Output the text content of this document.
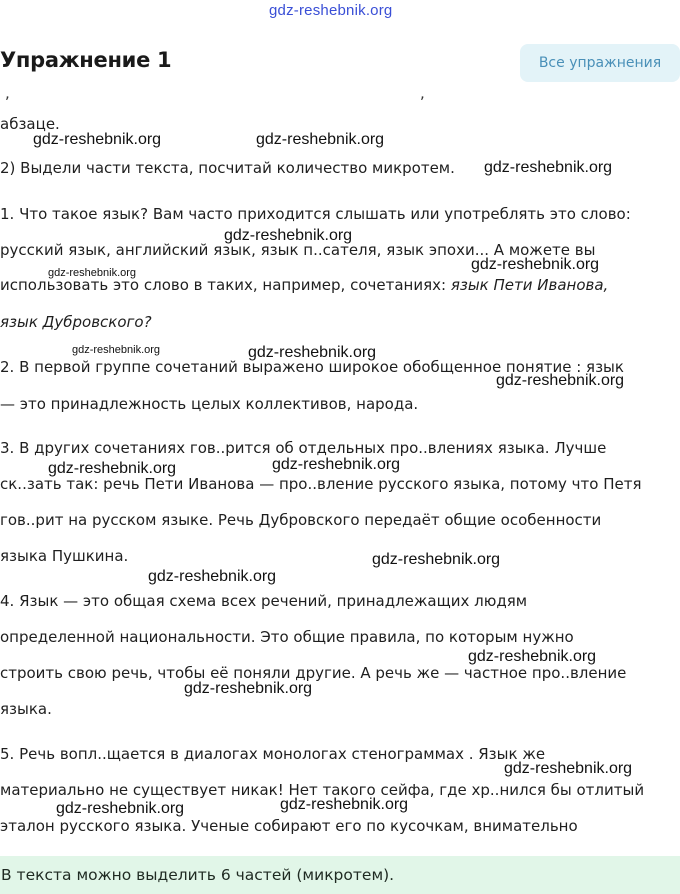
gdz-reshebnik.org
Упражнение 1	Все упражнения
,	,
абзаце.
2) Выдели части текста, посчитай количество микротем.
1. Что такое язык? Вам часто приходится слышать или употреблять это слово:
русский язык, английский язык, язык п..сателя, язык эпохи... А можете вы
использовать это слово в таких, например, сочетаниях: язык Пети Иванова,
язык Дубровского?
2. В первой группе сочетаний выражено широкое обобщенное понятие : язык
— это принадлежность целых коллективов, народа.
3. В других сочетаниях гов..рится об отдельных про..влениях языка. Лучше
ск..зать так: речь Пети Иванова — про..вление русского языка, потому что Петя
гов..рит на русском языке. Речь Дубровского передаёт общие особенности
языка Пушкина.
4. Язык — это общая схема всех речений, принадлежащих людям
определенной национальности. Это общие правила, по которым нужно
строить свою речь, чтобы её поняли другие. А речь же — частное про..вление
языка.
5. Речь вопл..щается в диалогах монологах стенограммах . Язык же
материально не существует никак! Нет такого сейфа, где хр..нился бы отлитый
эталон русского языка. Ученые собирают его по кусочкам, внимательно
gdz-reshebnik.org	gdz-reshebnik.org
gdz-reshebnik.org
gdz-reshebnik.org
gdz-reshebnik.org
gdz-reshebnik.org
gdz-reshebnik.org	gdz-reshebnik.org
gdz-reshebnik.org
gdz-reshebnik.org
gdz-reshebnik.org
gdz-reshebnik.org
gdz-reshebnik.org
gdz-reshebnik.org
gdz-reshebnik.org
gdz-reshebnik.org
gdz-reshebnik.org
gdz-reshebnik.org
В текста можно выделить 6 частей (микротем).
